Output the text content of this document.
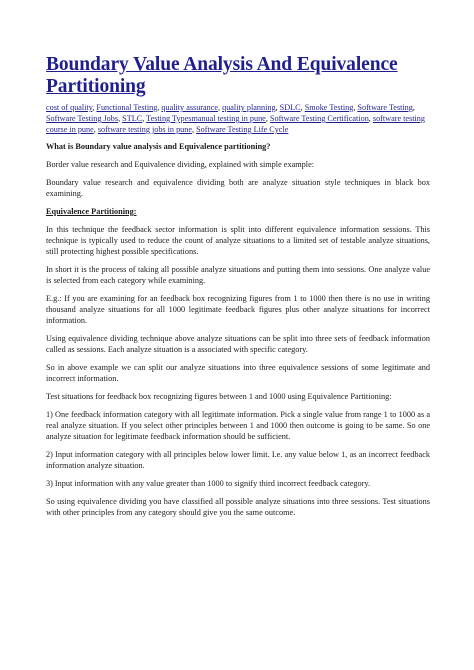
Boundary Value Analysis And Equivalence
Partitioning
cost of quality, Functional Testing, quality assurance, quality planning, SDLC, Smoke Testing, Software Testing, Software Testing Jobs, STLC, Testing Typesmanual testing in pune, Software Testing Certification, software testing course in pune, software testing jobs in pune, Software Testing Life Cycle

What is Boundary value analysis and Equivalence partitioning?

Border value research and Equivalence dividing, explained with simple example:

Boundary value research and equivalence dividing both are analyze situation style techniques in black box examining.

Equivalence Partitioning:

In this technique the feedback sector information is split into different equivalence information sessions. This technique is typically used to reduce the count of analyze situations to a limited set of testable analyze situations, still protecting highest possible specifications.

In short it is the process of taking all possible analyze situations and putting them into sessions. One analyze value is selected from each category while examining.

E.g.: If you are examining for an feedback box recognizing figures from 1 to 1000 then there is no use in writing thousand analyze situations for all 1000 legitimate feedback figures plus other analyze situations for incorrect information.

Using equivalence dividing technique above analyze situations can be split into three sets of feedback information called as sessions. Each analyze situation is a associated with specific category.

So in above example we can split our analyze situations into three equivalence sessions of some legitimate and incorrect information.

Test situations for feedback box recognizing figures between 1 and 1000 using Equivalence Partitioning:

1) One feedback information category with all legitimate information. Pick a single value from range 1 to 1000 as a real analyze situation. If you select other principles between 1 and 1000 then outcome is going to be same. So one analyze situation for legitimate feedback information should be sufficient.

2) Input information category with all principles below lower limit. I.e. any value below 1, as an incorrect feedback information analyze situation.

3) Input information with any value greater than 1000 to signify third incorrect feedback category.

So using equivalence dividing you have classified all possible analyze situations into three sessions. Test situations with other principles from any category should give you the same outcome.
